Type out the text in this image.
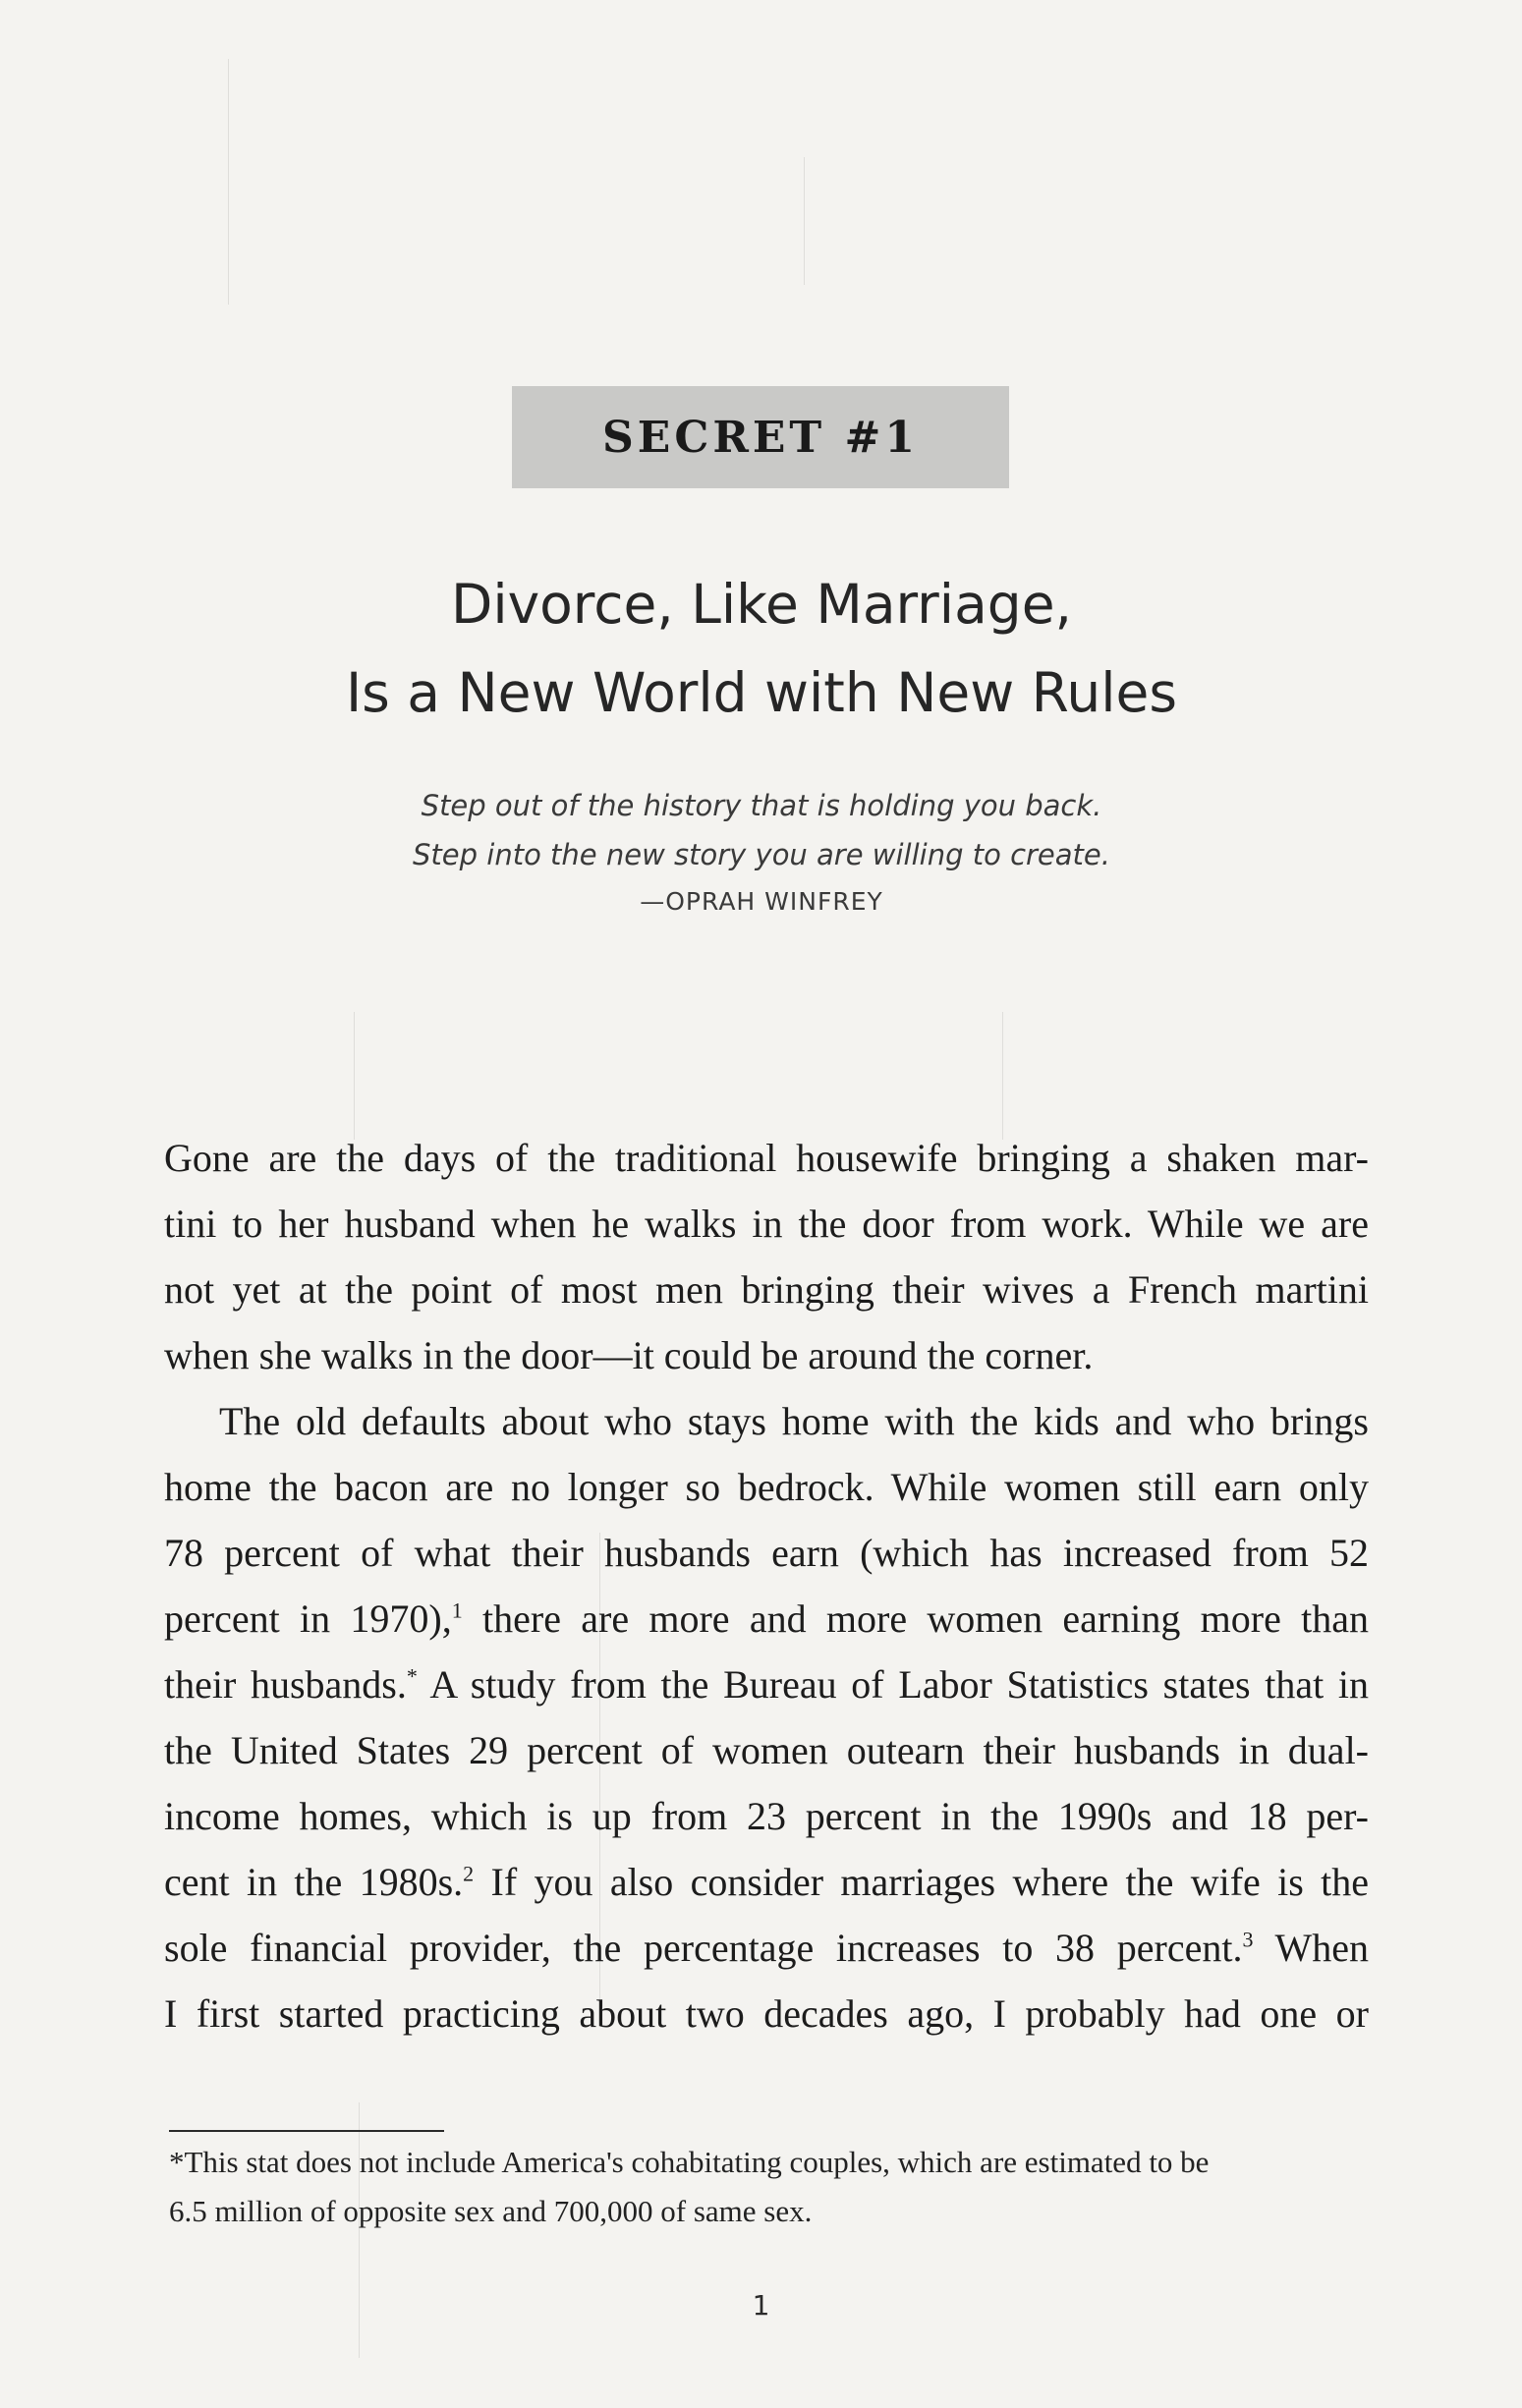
SECRET #1
Divorce, Like Marriage,
Is a New World with New Rules
Step out of the history that is holding you back.
Step into the new story you are willing to create.
—OPRAH WINFREY
Gone are the days of the traditional housewife bringing a shaken mar-
tini to her husband when he walks in the door from work. While we are
not yet at the point of most men bringing their wives a French martini
when she walks in the door—it could be around the corner.
The old defaults about who stays home with the kids and who brings
home the bacon are no longer so bedrock. While women still earn only
78 percent of what their husbands earn (which has increased from 52
percent in 1970),$^1$ there are more and more women earning more than
their husbands.* A study from the Bureau of Labor Statistics states that in
the United States 29 percent of women outearn their husbands in dual-
income homes, which is up from 23 percent in the 1990s and 18 per-
cent in the 1980s.$^2$ If you also consider marriages where the wife is the
sole financial provider, the percentage increases to 38 percent.$^3$ When
I first started practicing about two decades ago, I probably had one or
*This stat does not include America's cohabitating couples, which are estimated to be
6.5 million of opposite sex and 700,000 of same sex.
1
